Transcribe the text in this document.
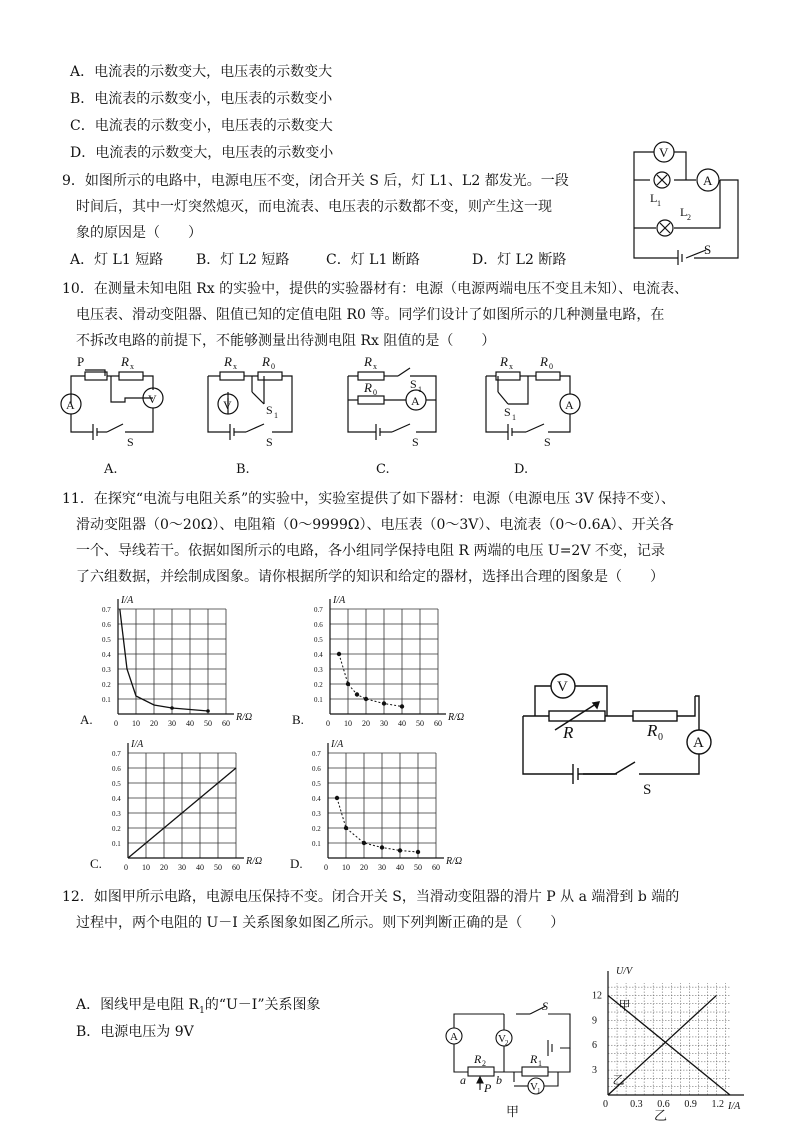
A．电流表的示数变大，电压表的示数变大
B．电流表的示数变小，电压表的示数变小
C．电流表的示数变小，电压表的示数变大
D．电流表的示数变大，电压表的示数变小
9．如图所示的电路中，电源电压不变，闭合开关 S 后，灯 L1、L2 都发光。一段
时间后，其中一灯突然熄灭，而电流表、电压表的示数都不变，则产生这一现
象的原因是（　　）
A．灯 L1 短路 B．灯 L2 短路	C．灯 L1 断路	D．灯 L2 断路
V
A
L 1
L 2
S
10．在测量未知电阻 Rx 的实验中，提供的实验器材有：电源（电源两端电压不变且未知）、电流表、
电压表、滑动变阻器、阻值已知的定值电阻 R0 等。同学们设计了如图所示的几种测量电路，在
不拆改电路的前提下，不能够测量出待测电阻 Rx 阻值的是（　　）
P	R x
A	V
S
A.
R x R 0
V	S 1
S
B.
R x
R 0
S 1
A
S
C.
R x R 0
S 1
A
S
D.
11．在探究“电流与电阻关系”的实验中，实验室提供了如下器材：电源（电源电压 3V 保持不变）、
滑动变阻器（0～20Ω）、电阻箱（0～9999Ω）、电压表（0～3V）、电流表（0～0.6A）、开关各
一个、导线若干。依据如图所示的电路，各小组同学保持电阻 R 两端的电压 U=2V 不变，记录
了六组数据，并绘制成图象。请你根据所学的知识和给定的器材，选择出合理的图象是（　　）
0 10 20 30 40 50 60
0.1
0.2
0.3
0.4
0.5
0.6
0.7
I/A
R/Ω
A.	0 10 20 30 40 50 60
0.1
0.2
0.3
0.4
0.5
0.6
0.7
I/A
R/Ω
B.
0 10 20 30 40 50 60
0.1
0.2
0.3
0.4
0.5
0.6
0.7
I/A
R/Ω
C.	0 10 20 30 40 50 60
0.1
0.2
0.3
0.4
0.5
0.6
0.7
I/A
R/Ω
D.
V
R	R 0 A
S
12．如图甲所示电路，电源电压保持不变。闭合开关 S，当滑动变阻器的滑片 P 从 a 端滑到 b 端的
过程中，两个电阻的 U－I 关系图象如图乙所示。则下列判断正确的是（　　）
A．图线甲是电阻 $R_1$的“U－I”关系图象
B．电源电压为 9V	A	V 2
V 1
S
R 2	R 1
a	b
P
甲	0 0.3 0.6 0.9 1.2
3
6
9
12
U/V
I/A
甲
乙
乙
